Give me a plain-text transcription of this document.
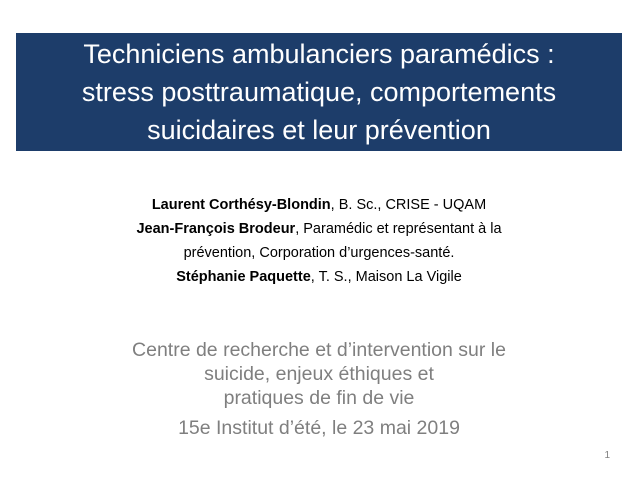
Techniciens ambulanciers paramédics :
stress posttraumatique, comportements
suicidaires et leur prévention
Laurent Corthésy-Blondin, B. Sc., CRISE - UQAM
Jean-François Brodeur, Paramédic et représentant à la
prévention, Corporation d’urgences-santé.
Stéphanie Paquette, T. S., Maison La Vigile
Centre de recherche et d’intervention sur le
suicide, enjeux éthiques et
pratiques de fin de vie
15e Institut d’été, le 23 mai 2019
1
